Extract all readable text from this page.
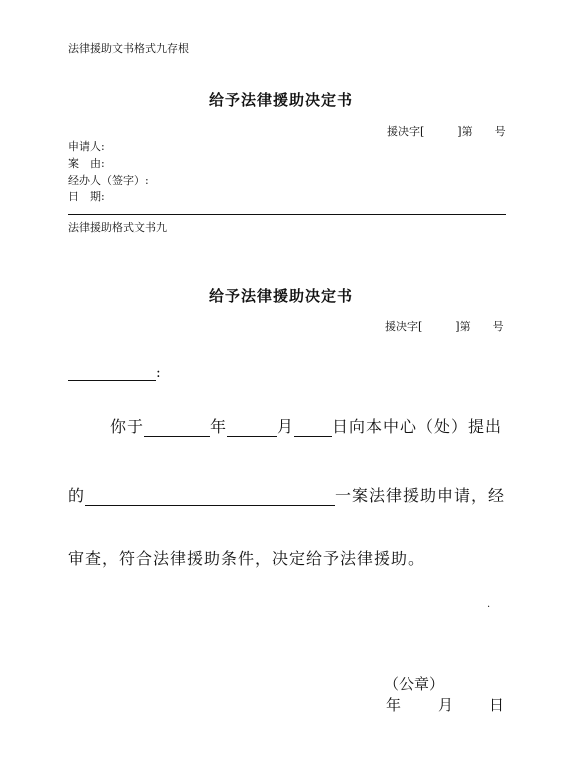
法律援助文书格式九存根
给予法律援助决定书
援决字[　　　]第　　号
申请人:
案　由:
经办人（签字）:
日　期:
法律援助格式文书九
给予法律援助决定书
援决字[　　　]第　　号
:
你于	年	月 日向本中心（处）提出
的	一案法律援助申请，经
审查，符合法律援助条件，决定给予法律援助。
.
（公章）
年 月 日
